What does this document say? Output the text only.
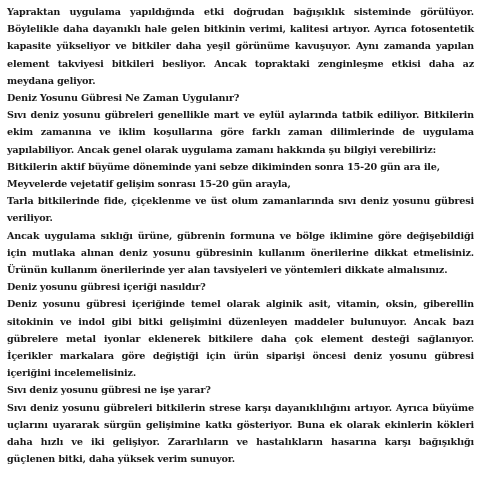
Yapraktan uygulama yapıldığında etki doğrudan bağışıklık sisteminde görülüyor. Böylelikle daha dayanıklı hale gelen bitkinin verimi, kalitesi artıyor. Ayrıca fotosentetik kapasite yükseliyor ve bitkiler daha yeşil görünüme kavuşuyor. Aynı zamanda yapılan element takviyesi bitkileri besliyor. Ancak topraktaki zenginleşme etkisi daha az meydana geliyor.

Deniz Yosunu Gübresi Ne Zaman Uygulanır?

Sıvı deniz yosunu gübreleri genellikle mart ve eylül aylarında tatbik ediliyor. Bitkilerin ekim zamanına ve iklim koşullarına göre farklı zaman dilimlerinde de uygulama yapılabiliyor. Ancak genel olarak uygulama zamanı hakkında şu bilgiyi verebiliriz:

Bitkilerin aktif büyüme döneminde yani sebze dikiminden sonra 15-20 gün ara ile,

Meyvelerde vejetatif gelişim sonrası 15-20 gün arayla,

Tarla bitkilerinde fide, çiçeklenme ve üst olum zamanlarında sıvı deniz yosunu gübresi veriliyor.

Ancak uygulama sıklığı ürüne, gübrenin formuna ve bölge iklimine göre değişebildiği için mutlaka alınan deniz yosunu gübresinin kullanım önerilerine dikkat etmelisiniz. Ürünün kullanım önerilerinde yer alan tavsiyeleri ve yöntemleri dikkate almalısınız.

Deniz yosunu gübresi içeriği nasıldır?

Deniz yosunu gübresi içeriğinde temel olarak alginik asit, vitamin, oksin, giberellin sitokinin ve indol gibi bitki gelişimini düzenleyen maddeler bulunuyor. Ancak bazı gübrelere metal iyonlar eklenerek bitkilere daha çok element desteği sağlanıyor. İçerikler markalara göre değiştiği için ürün siparişi öncesi deniz yosunu gübresi içeriğini incelemelisiniz.

Sıvı deniz yosunu gübresi ne işe yarar?

Sıvı deniz yosunu gübreleri bitkilerin strese karşı dayanıklılığını artıyor. Ayrıca büyüme uçlarını uyararak sürgün gelişimine katkı gösteriyor. Buna ek olarak ekinlerin kökleri daha hızlı ve iki gelişiyor. Zararlıların ve hastalıkların hasarına karşı bağışıklığı güçlenen bitki, daha yüksek verim sunuyor.
